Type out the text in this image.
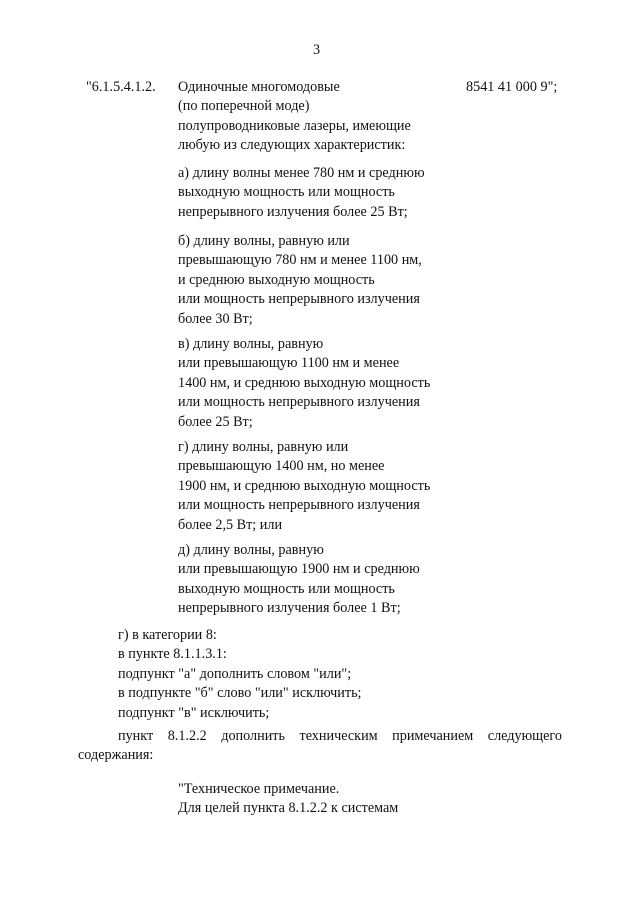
3
"6.1.5.4.1.2.	8541 41 000 9";
Одиночные многомодовые
(по поперечной моде)
полупроводниковые лазеры, имеющие
любую из следующих характеристик:
а) длину волны менее 780 нм и среднюю
выходную мощность или мощность
непрерывного излучения более 25 Вт;
б) длину волны, равную или
превышающую 780 нм и менее 1100 нм,
и среднюю выходную мощность
или мощность непрерывного излучения
более 30 Вт;
в) длину волны, равную
или превышающую 1100 нм и менее
1400 нм, и среднюю выходную мощность
или мощность непрерывного излучения
более 25 Вт;
г) длину волны, равную или
превышающую 1400 нм, но менее
1900 нм, и среднюю выходную мощность
или мощность непрерывного излучения
более 2,5 Вт; или
д) длину волны, равную
или превышающую 1900 нм и среднюю
выходную мощность или мощность
непрерывного излучения более 1 Вт;
г) в категории 8:
в пункте 8.1.1.3.1:
подпункт "а" дополнить словом "или";
в подпункте "б" слово "или" исключить;
подпункт "в" исключить;
пункт 8.1.2.2 дополнить техническим примечанием следующего
содержания:
"Техническое примечание.
Для целей пункта 8.1.2.2 к системам
